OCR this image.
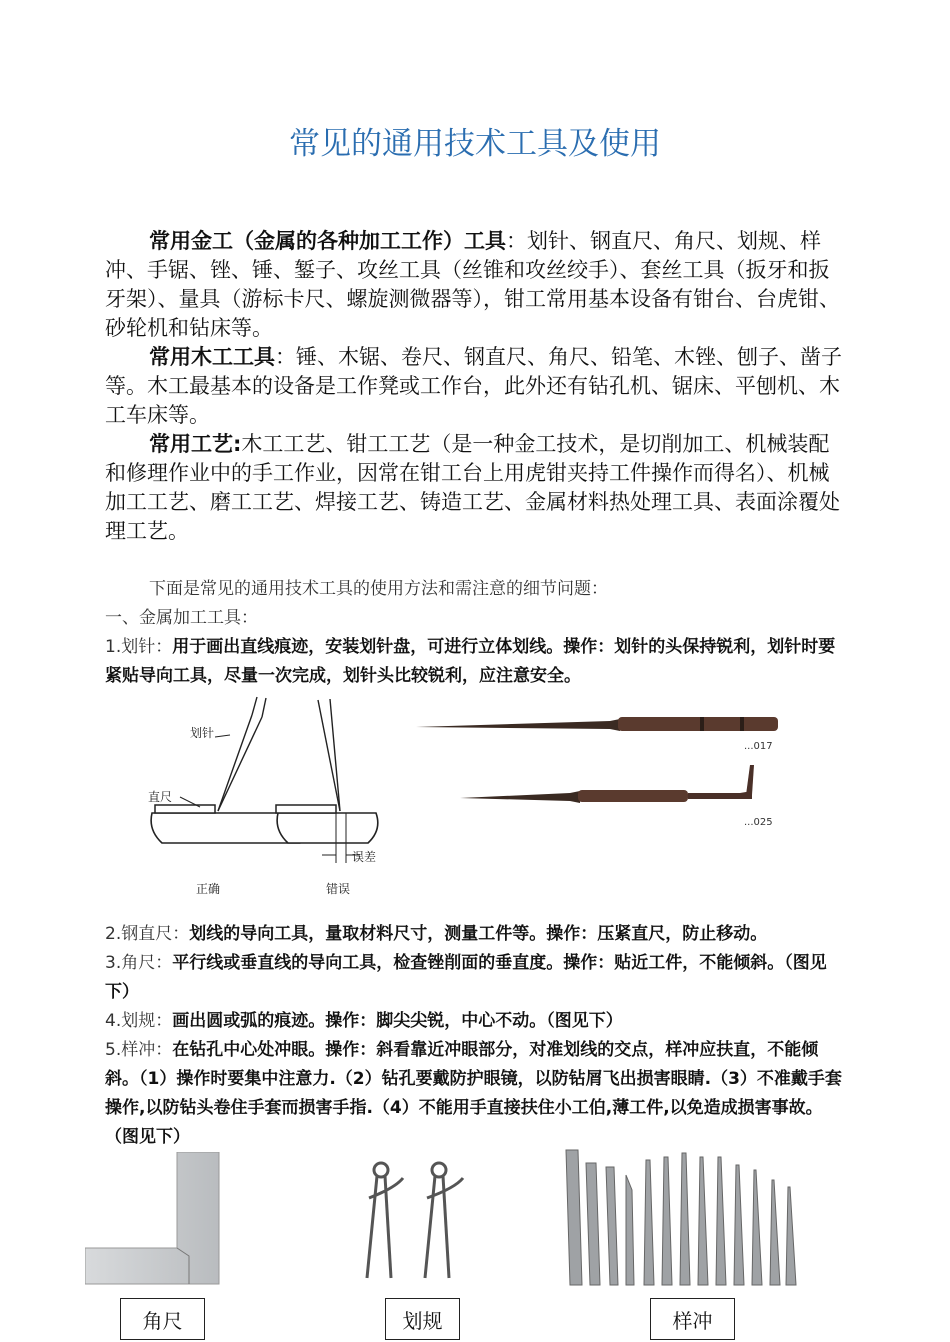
常见的通用技术工具及使用

常用金工（金属的各种加工工作）工具：划针、钢直尺、角尺、划规、样冲、手锯、锉、锤、錾子、攻丝工具（丝锥和攻丝绞手）、套丝工具（扳牙和扳牙架）、量具（游标卡尺、螺旋测微器等），钳工常用基本设备有钳台、台虎钳、砂轮机和钻床等。

常用木工工具：锤、木锯、卷尺、钢直尺、角尺、铅笔、木锉、刨子、凿子等。木工最基本的设备是工作凳或工作台，此外还有钻孔机、锯床、平刨机、木工车床等。

常用工艺:木工工艺、钳工工艺（是一种金工技术，是切削加工、机械装配和修理作业中的手工作业，因常在钳工台上用虎钳夹持工件操作而得名）、机械加工工艺、磨工工艺、焊接工艺、铸造工艺、金属材料热处理工具、表面涂覆处理工艺。

下面是常见的通用技术工具的使用方法和需注意的细节问题：

一、金属加工工具：

1.划针：用于画出直线痕迹，安装划针盘，可进行立体划线。操作：划针的头保持锐利，划针时要紧贴导向工具，尽量一次完成，划针头比较锐利，应注意安全。

划针
直尺
正确
误差
错误
...017
...025

2.钢直尺：划线的导向工具，量取材料尺寸，测量工件等。操作：压紧直尺，防止移动。

3.角尺：平行线或垂直线的导向工具，检查锉削面的垂直度。操作：贴近工件，不能倾斜。（图见下）

4.划规：画出圆或弧的痕迹。操作：脚尖尖锐，中心不动。（图见下）

5.样冲：在钻孔中心处冲眼。操作：斜看靠近冲眼部分，对准划线的交点，样冲应扶直，不能倾斜。（1）操作时要集中注意力.（2）钻孔要戴防护眼镜，以防钻屑飞出损害眼睛.（3）不准戴手套操作,以防钻头卷住手套而损害手指.（4）不能用手直接扶住小工伯,薄工件,以免造成损害事故。 （图见下）

角尺	划规	样冲
